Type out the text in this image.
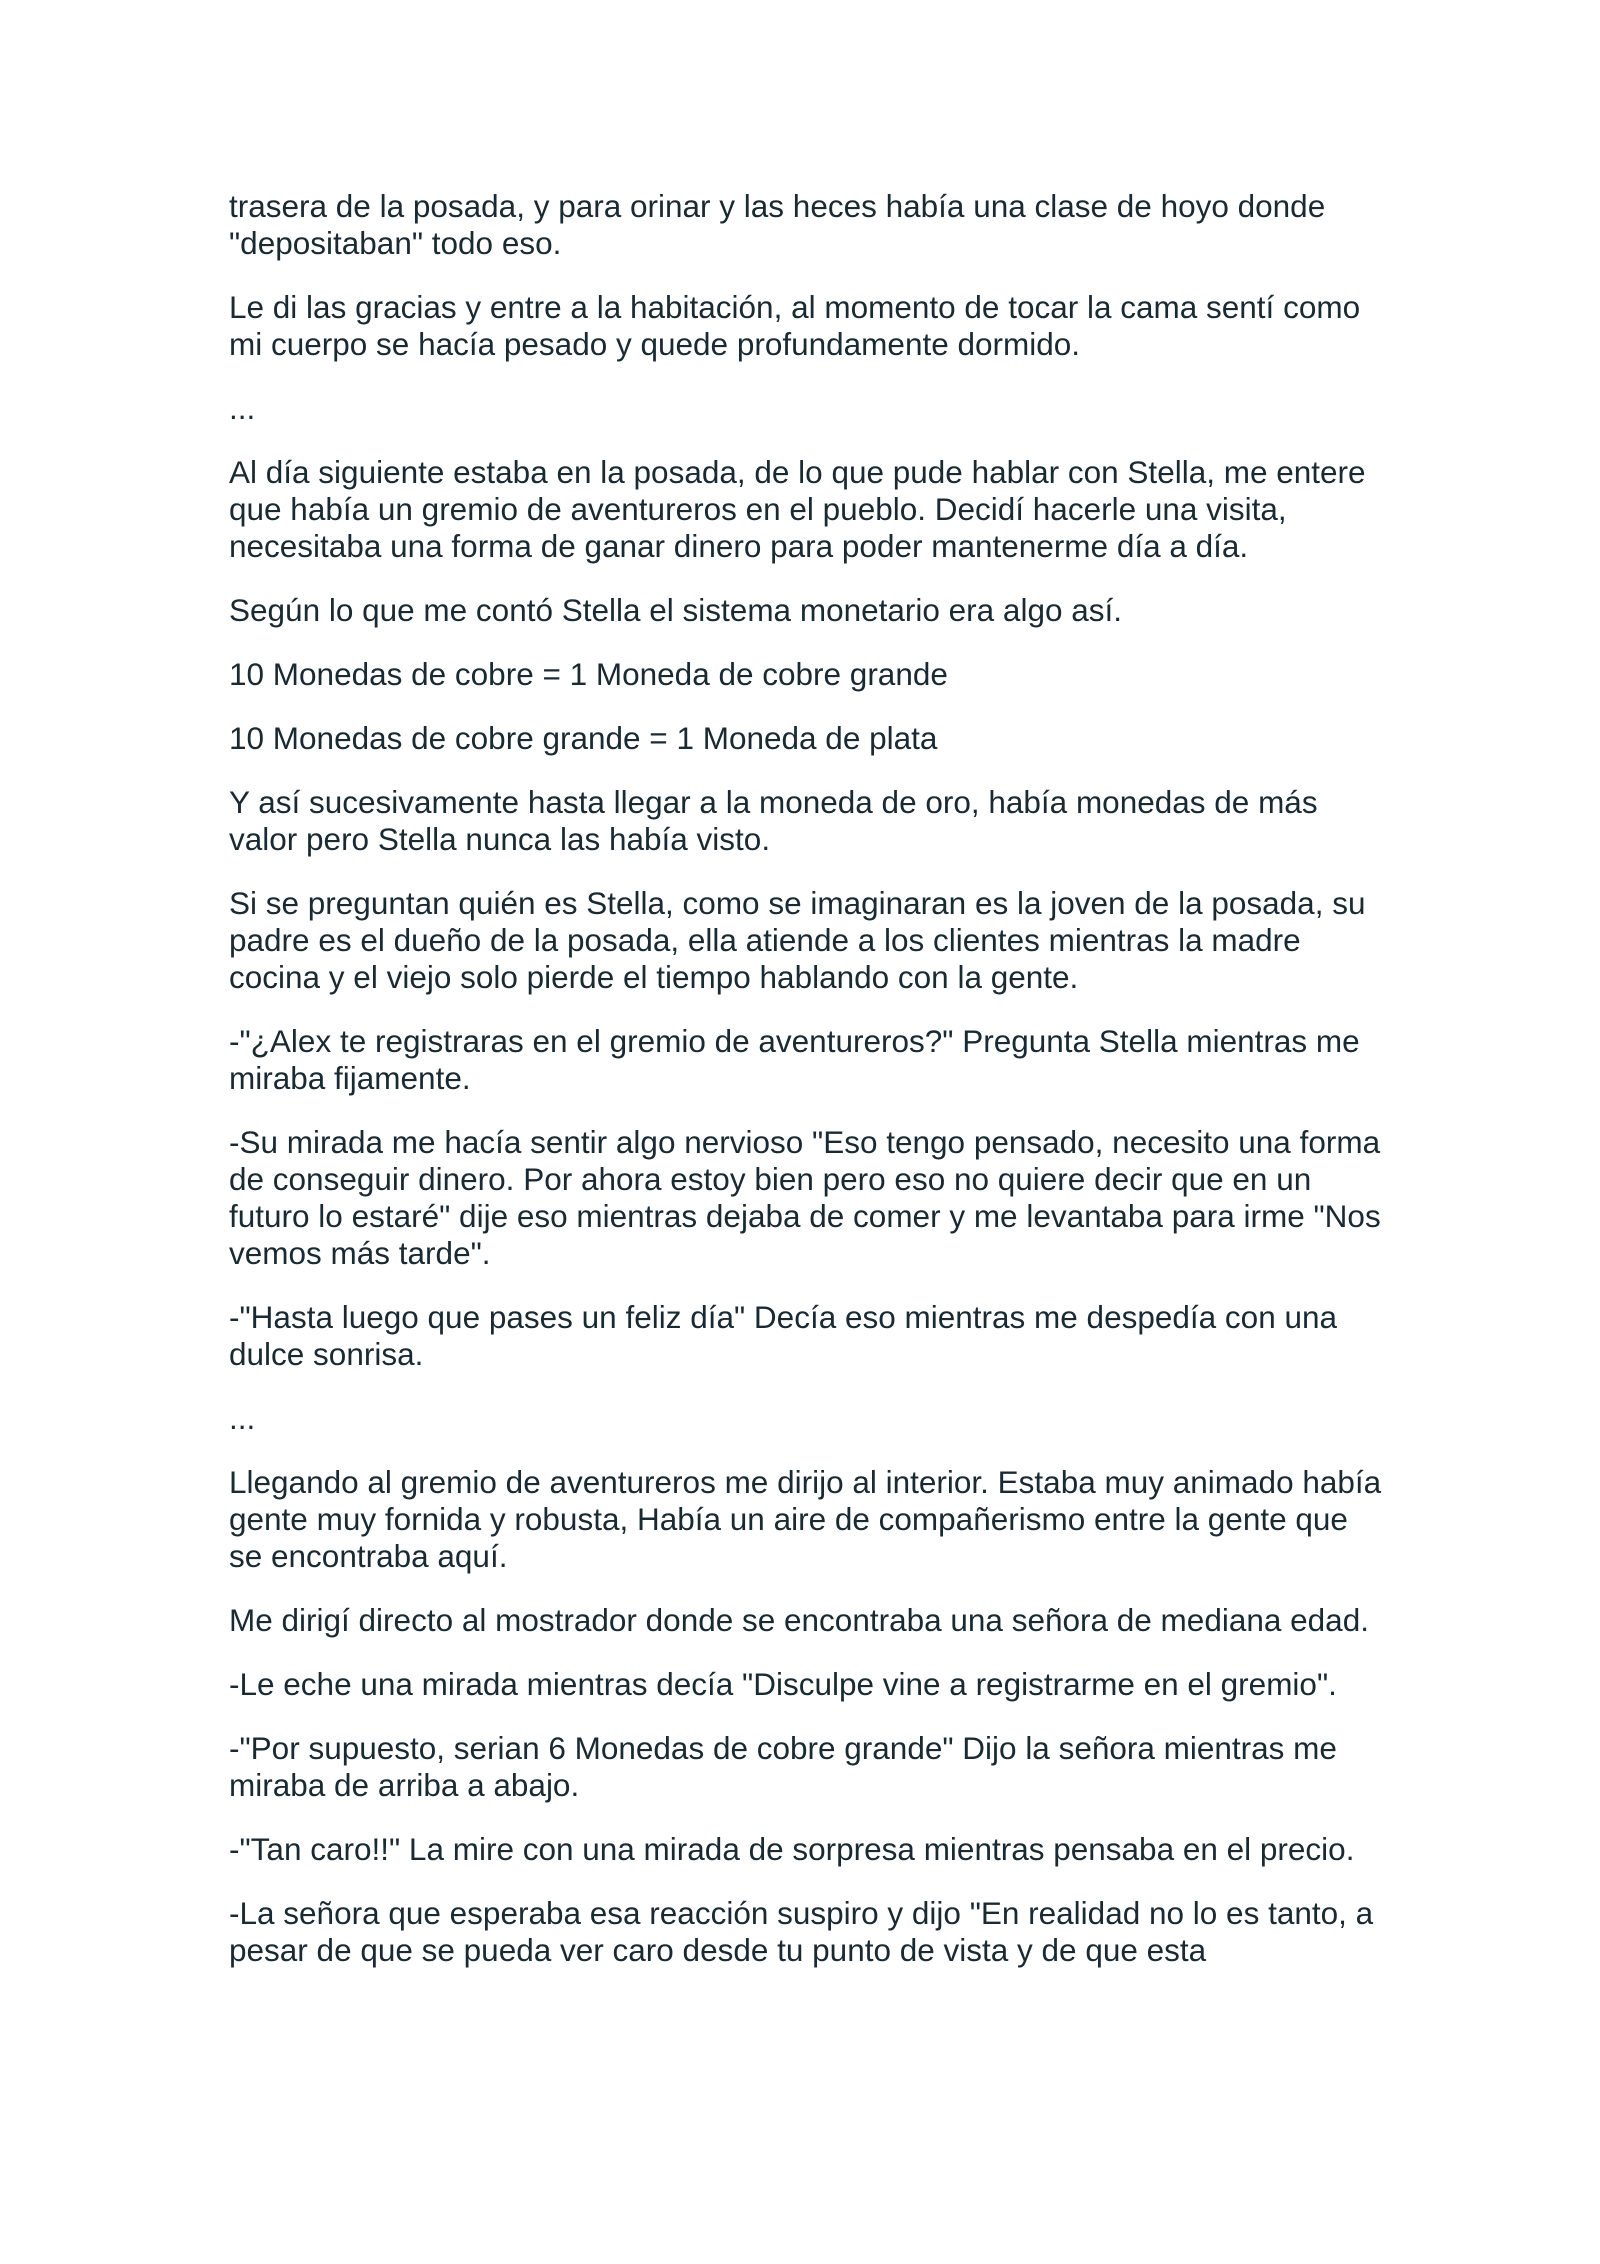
trasera de la posada, y para orinar y las heces había una clase de hoyo donde "depositaban" todo eso.

Le di las gracias y entre a la habitación, al momento de tocar la cama sentí como mi cuerpo se hacía pesado y quede profundamente dormido.

...

Al día siguiente estaba en la posada, de lo que pude hablar con Stella, me entere que había un gremio de aventureros en el pueblo. Decidí hacerle una visita, necesitaba una forma de ganar dinero para poder mantenerme día a día.

Según lo que me contó Stella el sistema monetario era algo así.

10 Monedas de cobre = 1 Moneda de cobre grande

10 Monedas de cobre grande = 1 Moneda de plata

Y así sucesivamente hasta llegar a la moneda de oro, había monedas de más valor pero Stella nunca las había visto.

Si se preguntan quién es Stella, como se imaginaran es la joven de la posada, su padre es el dueño de la posada, ella atiende a los clientes mientras la madre cocina y el viejo solo pierde el tiempo hablando con la gente.

-"¿Alex te registraras en el gremio de aventureros?" Pregunta Stella mientras me miraba fijamente.

-Su mirada me hacía sentir algo nervioso "Eso tengo pensado, necesito una forma de conseguir dinero. Por ahora estoy bien pero eso no quiere decir que en un futuro lo estaré" dije eso mientras dejaba de comer y me levantaba para irme "Nos vemos más tarde".

-"Hasta luego que pases un feliz día" Decía eso mientras me despedía con una dulce sonrisa.

...

Llegando al gremio de aventureros me dirijo al interior. Estaba muy animado había gente muy fornida y robusta, Había un aire de compañerismo entre la gente que se encontraba aquí.

Me dirigí directo al mostrador donde se encontraba una señora de mediana edad.

-Le eche una mirada mientras decía "Disculpe vine a registrarme en el gremio".

-"Por supuesto, serian 6 Monedas de cobre grande" Dijo la señora mientras me miraba de arriba a abajo.

-"Tan caro!!" La mire con una mirada de sorpresa mientras pensaba en el precio.

-La señora que esperaba esa reacción suspiro y dijo "En realidad no lo es tanto, a pesar de que se pueda ver caro desde tu punto de vista y de que esta
